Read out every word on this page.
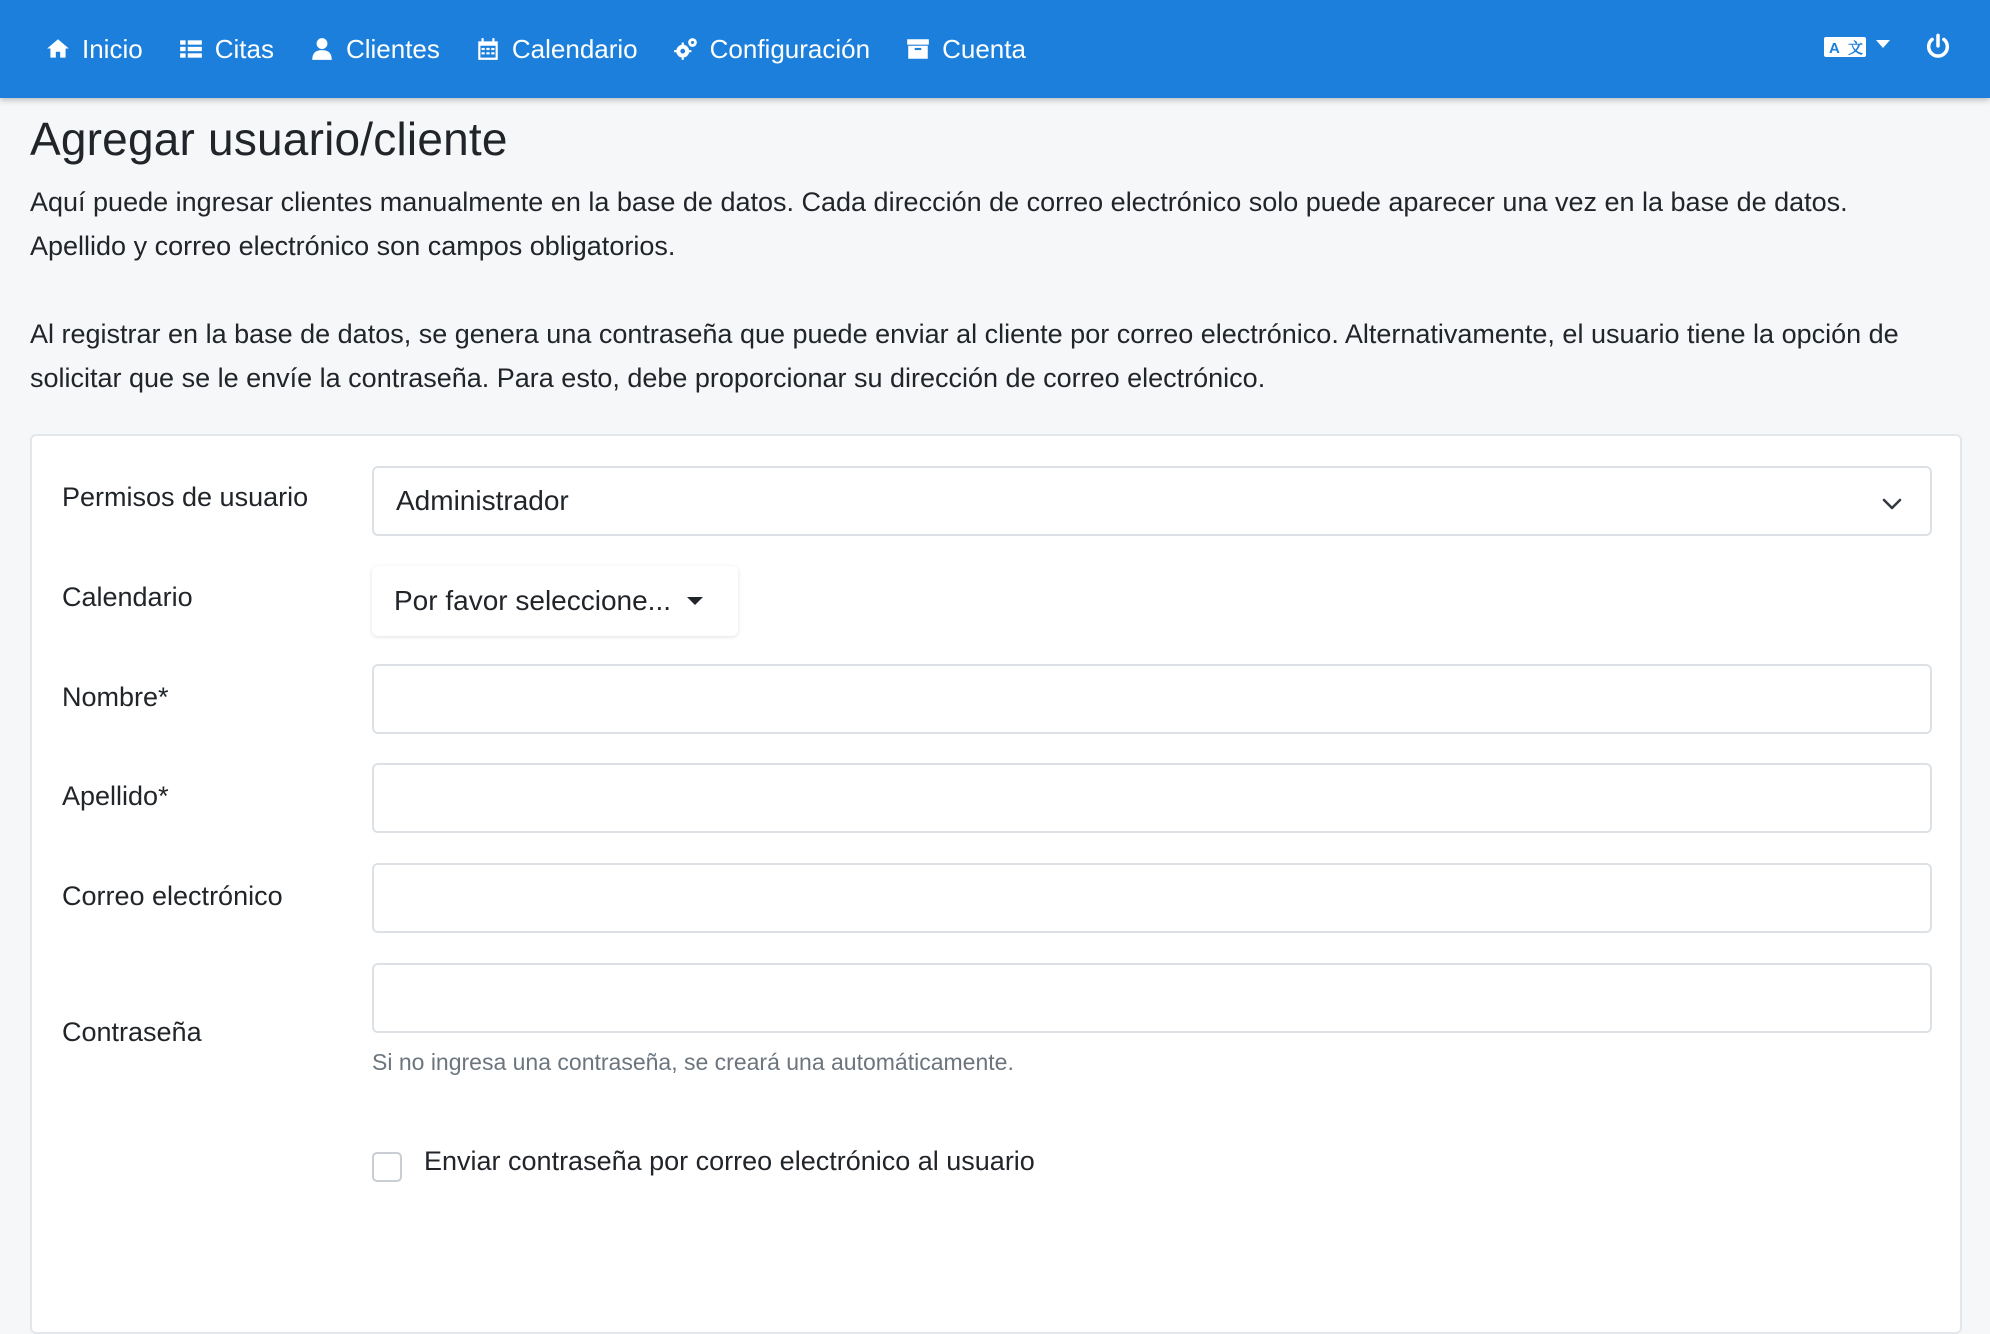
Inicio	Citas	Clientes	Calendario	Configuración	Cuenta	A 文
Agregar usuario/cliente

Aquí puede ingresar clientes manualmente en la base de datos. Cada dirección de correo electrónico solo puede aparecer una vez en la base de datos. Apellido y correo electrónico son campos obligatorios.

Al registrar en la base de datos, se genera una contraseña que puede enviar al cliente por correo electrónico. Alternativamente, el usuario tiene la opción de solicitar que se le envíe la contraseña. Para esto, debe proporcionar su dirección de correo electrónico.

Permisos de usuario	Administrador
Calendario	Por favor seleccione...
Nombre*
Apellido*
Correo electrónico
Contraseña
Si no ingresa una contraseña, se creará una automáticamente.
Enviar contraseña por correo electrónico al usuario
